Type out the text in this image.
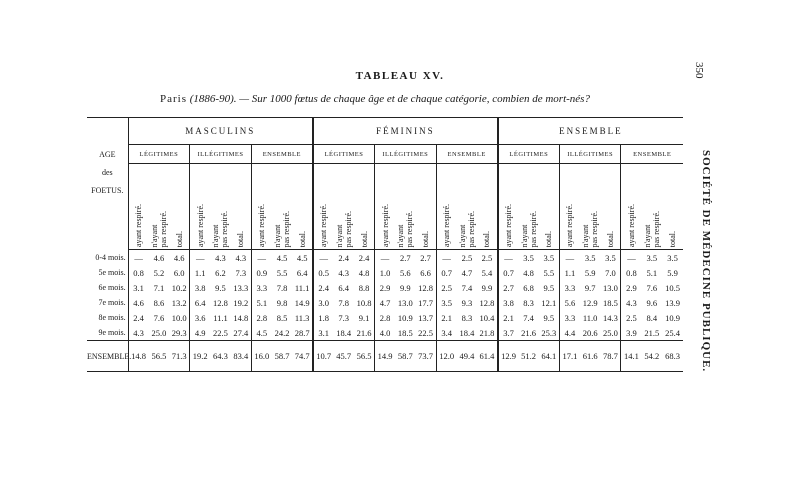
350
SOCIÉTÉ DE MÉDECINE PUBLIQUE.
TABLEAU XV.
Paris (1886-90). — Sur 1000 fœtus de chaque âge et de chaque catégorie, combien de mort-nés?
AGE
des
FOETUS.	MASCULINS									FÉMININS									ENSEMBLE								
	LÉGITIMES			ILLÉGITIMES			ENSEMBLE			LÉGITIMES			ILLÉGITIMES			ENSEMBLE			LÉGITIMES			ILLÉGITIMES			ENSEMBLE		
	ayant respiré.	n'ayant
pas respiré.	total.	ayant respiré.	n'ayant
pas respiré.	total.	ayant respiré.	n'ayant
pas respiré.	total.	ayant respiré.	n'ayant
pas respiré.	total.	ayant respiré.	n'ayant
pas respiré.	total.	ayant respiré.	n'ayant
pas respiré.	total.	ayant respiré.	n'ayant
pas respiré.	total.	ayant respiré.	n'ayant
pas respiré.	total.	ayant respiré.	n'ayant
pas respiré.	total.
0-4 mois.	—	4.6	4.6	—	4.3	4.3	—	4.5	4.5	—	2.4	2.4	—	2.7	2.7	—	2.5	2.5	—	3.5	3.5	—	3.5	3.5	—	3.5	3.5
5e mois.	0.8	5.2	6.0	1.1	6.2	7.3	0.9	5.5	6.4	0.5	4.3	4.8	1.0	5.6	6.6	0.7	4.7	5.4	0.7	4.8	5.5	1.1	5.9	7.0	0.8	5.1	5.9
6e mois.	3.1	7.1	10.2	3.8	9.5	13.3	3.3	7.8	11.1	2.4	6.4	8.8	2.9	9.9	12.8	2.5	7.4	9.9	2.7	6.8	9.5	3.3	9.7	13.0	2.9	7.6	10.5
7e mois.	4.6	8.6	13.2	6.4	12.8	19.2	5.1	9.8	14.9	3.0	7.8	10.8	4.7	13.0	17.7	3.5	9.3	12.8	3.8	8.3	12.1	5.6	12.9	18.5	4.3	9.6	13.9
8e mois.	2.4	7.6	10.0	3.6	11.1	14.8	2.8	8.5	11.3	1.8	7.3	9.1	2.8	10.9	13.7	2.1	8.3	10.4	2.1	7.4	9.5	3.3	11.0	14.3	2.5	8.4	10.9
9e mois.	4.3	25.0	29.3	4.9	22.5	27.4	4.5	24.2	28.7	3.1	18.4	21.6	4.0	18.5	22.5	3.4	18.4	21.8	3.7	21.6	25.3	4.4	20.6	25.0	3.9	21.5	25.4
ENSEMBLE.	14.8	56.5	71.3	19.2	64.3	83.4	16.0	58.7	74.7	10.7	45.7	56.5	14.9	58.7	73.7	12.0	49.4	61.4	12.9	51.2	64.1	17.1	61.6	78.7	14.1	54.2	68.3
